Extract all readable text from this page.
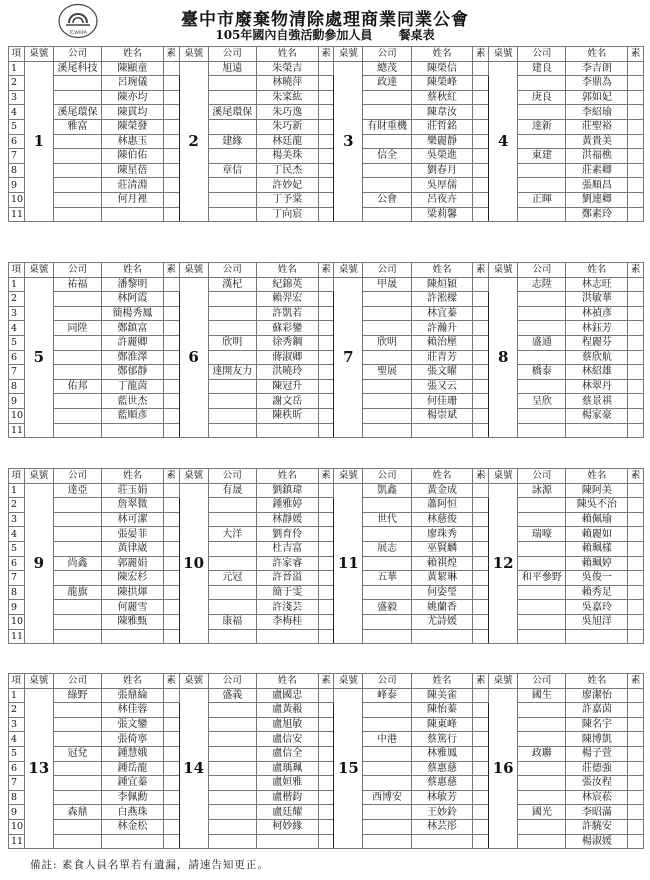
TCWRPA
臺中市廢棄物清除處理商業同業公會
105年國內自強活動參加人員 餐桌表
項	桌號	公司	姓名	素	桌號	公司	姓名	素	桌號	公司	姓名	素	桌號	公司	姓名	素
1	1	溪尾科技	陳顯童		2	旭遠	朱榮吉		3	總茂	陳榮信		4	建良	李吉朗	
2			呂琬儀				林曉萍			政達	陳榮峰				李鼎為	
3			陳亦均				朱寀紘				蔡秋紅			庚良	郭如妃	
4		溪尾環保	陳貫均			溪尾環保	朱巧逸				陳韋汝				李紹瑜	
5		雅富	陳榮發				朱巧新			有財重機	莊哲銘			達新	莊聖裕	
6			林惠玉			建緣	林廷龍				樂麗靜				黃貴美	
7			陳伯佑				楊美珠			信全	吳榮進			東建	洪福樵	
8			陳星蓓			章信	丁民杰				劉春月				莊素卿	
9			莊清淵				許妙妃				吳厚儒				張順昌	
10			何月裡				丁予棠			公會	呂夜卉			正暉	劉連卿	
11							丁向宸				梁莉馨				鄭素玲	
項	桌號	公司	姓名	素	桌號	公司	姓名	素	桌號	公司	姓名	素	桌號	公司	姓名	素
1	5	祐福	潘黎明		6	漢杞	紀錦英		7	甲晟	陳烜穎		8	志陞	林志旺	
2			林阿霞				賴羿宏				許淞樑				洪敏華	
3			簡楊秀鳳				許凱若				林宜蓁				林禎彥	
4		同陞	鄭鎮富				蘇彩鑾				許瀚升				林鈺芳	
5			許麗卿			欣明	徐秀鋼			欣明	賴治壓			盛通	程麗芬	
6			鄭淮澤				蔣淑卿				莊青芳				蔡欣航	
7			鄭郁靜			達開友力	洪曉玲			聖展	張文曜			橋泰	林紹雄	
8		佑邦	丁龍茵				陳冠升				張又云				林翠丹	
9			藍世杰				謝文岳				何佳珊			呈欣	蔡景祺	
10			藍順彥				陳秩昕				楊崇斌				楊家豪	
11																
項	桌號	公司	姓名	素	桌號	公司	姓名	素	桌號	公司	姓名	素	桌號	公司	姓名	素
1	9	達亞	莊玉娟		10	有晟	劉鎮瑋		11	凱鑫	黃金成		12	詠源	陳阿美	
2			詹翠微				鍾雅婷				蕭阿恒				陳吳不治	
3			林可潔				林靜媛			世代	林慈俊				賴佩瑜	
4			張晏菲			大洋	劉育伶				廖珠秀			瑞嚎	賴麗如	
5			黃律崴				杜吉富			展志	巫賢麟				賴珮樣	
6		尚鑫	郭麗娟				許家睿				賴祺煌				賴珮婷	
7			陳宏杉			元冠	許晉溢			五華	黃絜琳			和平參野	吳俊一	
8		龍旗	陳拱煇				簡于雯				何姿瑩				賴秀足	
9			何麗雪				許淺芸			盛毅	姚蘭香				吳嘉玲	
10			陳雅甄			康福	李梅桂				尤詩媛				吳旭洋	
11																
項	桌號	公司	姓名	素	桌號	公司	姓名	素	桌號	公司	姓名	素	桌號	公司	姓名	素
1	13	綠野	張鼎綸		14	盛義	盧國忠		15	峰泰	陳美雀		16	國生	廖潔怡	
2			林佳蓉				盧黃赧				陳怡蓁				許嘉茵	
3			張文鑾				盧旭敏				陳東峰				陳名宇	
4			張倚寧				盧信安			中港	蔡篤行				陳博凱	
5		冠兌	鍾慧娥				盧信全				林雅鳳			政聯	楊子萱	
6			鍾岳龍				盧瑀珮				蔡惠慈				莊德強	
7			鍾宜蓁				盧姮雅				蔡惠慈				張汝程	
8			李佩勳				盧楷鈞			西博安	林敏芳				林宸菘	
9		森鼎	白燕珠				盧廷耀				王妙鈴			國光	李昭滿	
10			林金松				柯妙緣				林芸彤				許驍安	
11															楊淑媛	
備註: 素食人員名單若有遺漏，請速告知更正。
